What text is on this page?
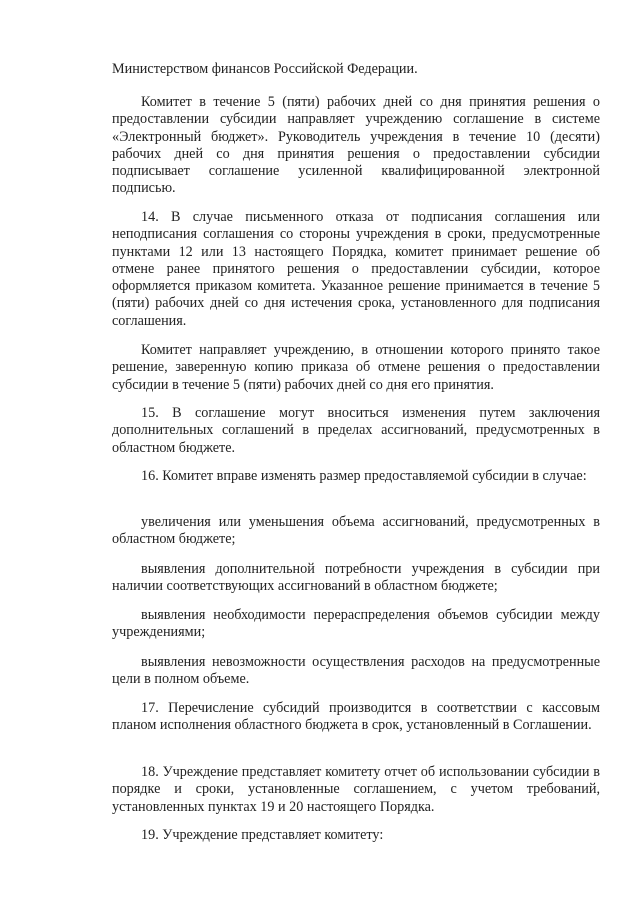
Министерством финансов Российской Федерации.

Комитет в течение 5 (пяти) рабочих дней со дня принятия решения о предоставлении субсидии направляет учреждению соглашение в системе «Электронный бюджет». Руководитель учреждения в течение 10 (десяти) рабочих дней со дня принятия решения о предоставлении субсидии подписывает соглашение усиленной квалифицированной электронной подписью.

14. В случае письменного отказа от подписания соглашения или неподписания соглашения со стороны учреждения в сроки, предусмотренные пунктами 12 или 13 настоящего Порядка, комитет принимает решение об отмене ранее принятого решения о предоставлении субсидии, которое оформляется приказом комитета. Указанное решение принимается в течение 5 (пяти) рабочих дней со дня истечения срока, установленного для подписания соглашения.

Комитет направляет учреждению, в отношении которого принято такое решение, заверенную копию приказа об отмене решения о предоставлении субсидии в течение 5 (пяти) рабочих дней со дня его принятия.

15. В соглашение могут вноситься изменения путем заключения дополнительных соглашений в пределах ассигнований, предусмотренных в областном бюджете.

16. Комитет вправе изменять размер предоставляемой субсидии в случае:

увеличения или уменьшения объема ассигнований, предусмотренных в областном бюджете;

выявления дополнительной потребности учреждения в субсидии при наличии соответствующих ассигнований в областном бюджете;

выявления необходимости перераспределения объемов субсидии между учреждениями;

выявления невозможности осуществления расходов на предусмотренные цели в полном объеме.

17. Перечисление субсидий производится в соответствии с кассовым планом исполнения областного бюджета в срок, установленный в Соглашении.

18. Учреждение представляет комитету отчет об использовании субсидии в порядке и сроки, установленные соглашением, с учетом требований, установленных пунктах 19 и 20 настоящего Порядка.

19. Учреждение представляет комитету:
